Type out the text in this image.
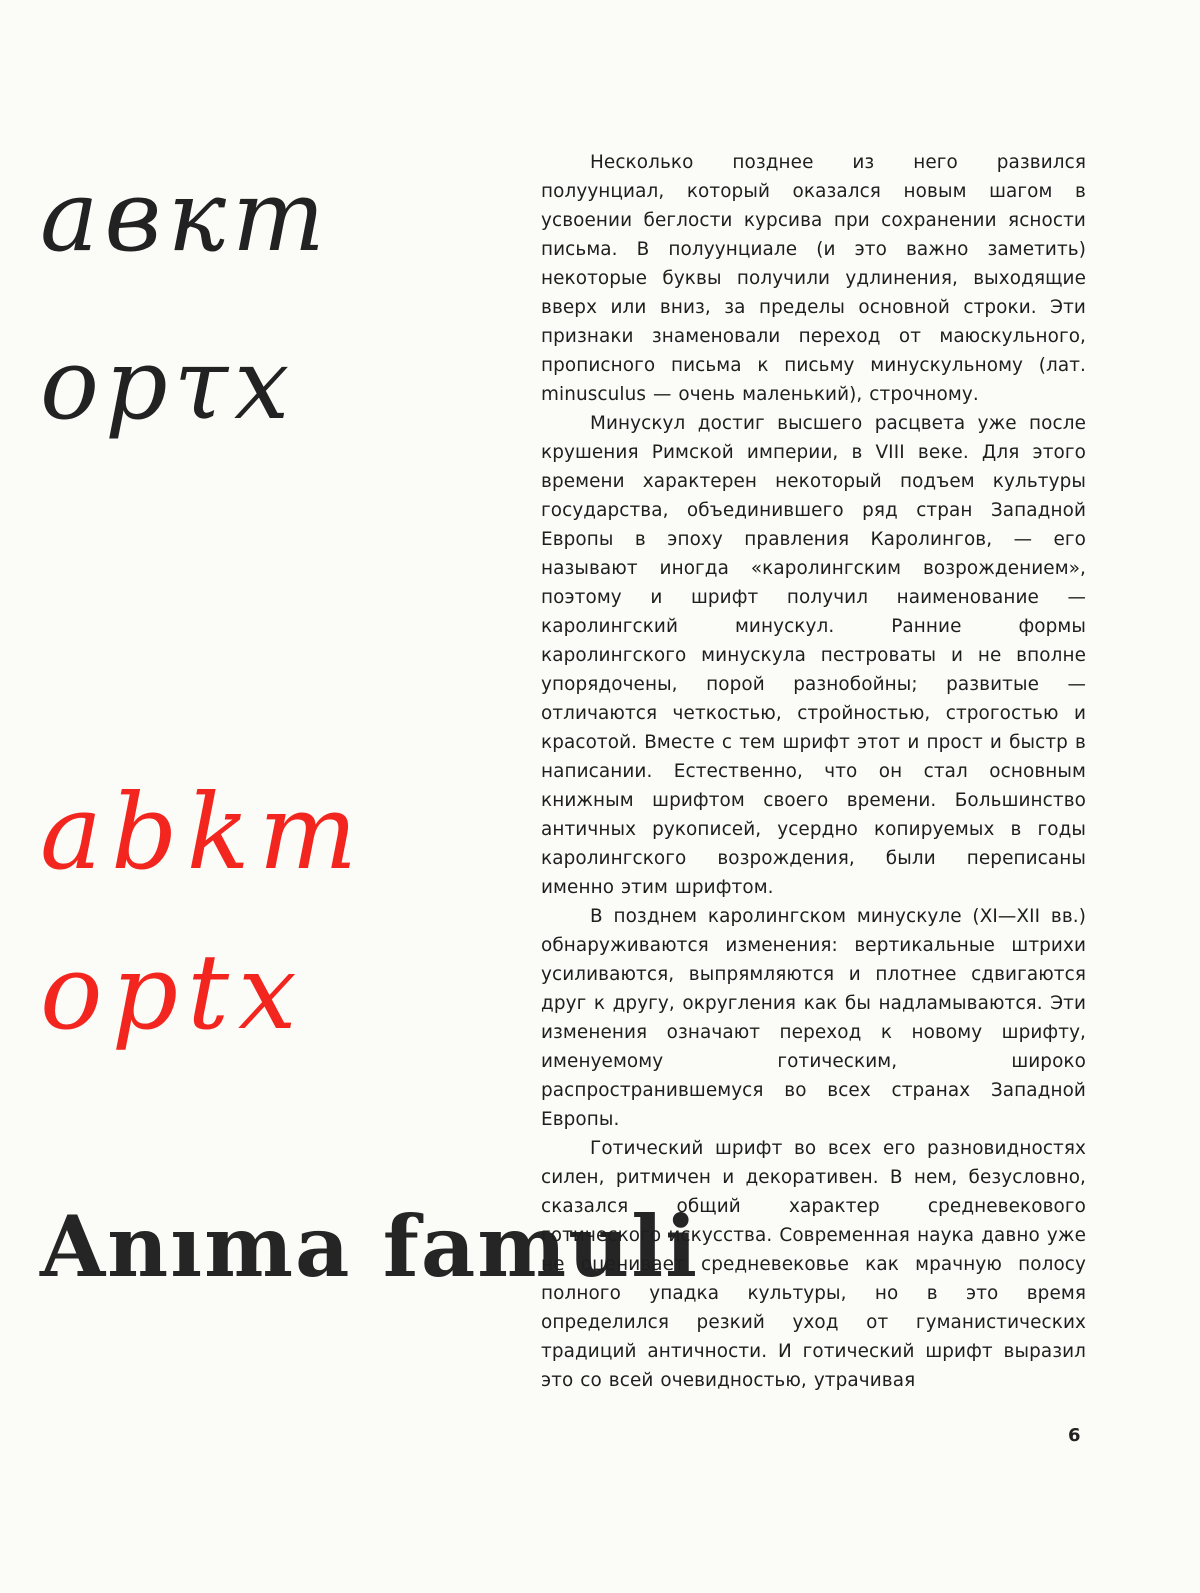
авкт
орτх
аbkm
орtх
Anıma famuli

Несколько позднее из него развился полуунциал, который оказался новым шагом в усвоении беглости курсива при сохранении ясности письма. В полуунциале (и это важно заметить) некоторые буквы получили удлинения, выходящие вверх или вниз, за пределы основной строки. Эти признаки знаменовали переход от маюскульного, прописного письма к письму минускульному (лат. minusculus — очень маленький), строчному.

Минускул достиг высшего расцвета уже после крушения Римской империи, в VIII веке. Для этого времени характерен некоторый подъем культуры государства, объединившего ряд стран Западной Европы в эпоху правления Каролингов, — его называют иногда «каролингским возрождением», поэтому и шрифт получил наименование — каролингский минускул. Ранние формы каролингского минускула пестроваты и не вполне упорядочены, порой разнобойны; развитые — отличаются четкостью, стройностью, строгостью и красотой. Вместе с тем шрифт этот и прост и быстр в написании. Естественно, что он стал основным книжным шрифтом своего времени. Большинство античных рукописей, усердно копируемых в годы каролингского возрождения, были переписаны именно этим шрифтом.

В позднем каролингском минускуле (XI—XII вв.) обнаруживаются изменения: вертикальные штрихи усиливаются, выпрямляются и плотнее сдвигаются друг к другу, округления как бы надламываются. Эти изменения означают переход к новому шрифту, именуемому готическим, широко распространившемуся во всех странах Западной Европы.

Готический шрифт во всех его разновидностях силен, ритмичен и декоративен. В нем, безусловно, сказался общий характер средневекового готического искусства. Современная наука давно уже не оценивает средневековье как мрачную полосу полного упадка культуры, но в это время определился резкий уход от гуманистических традиций античности. И готический шрифт выразил это со всей очевидностью, утрачивая

6
